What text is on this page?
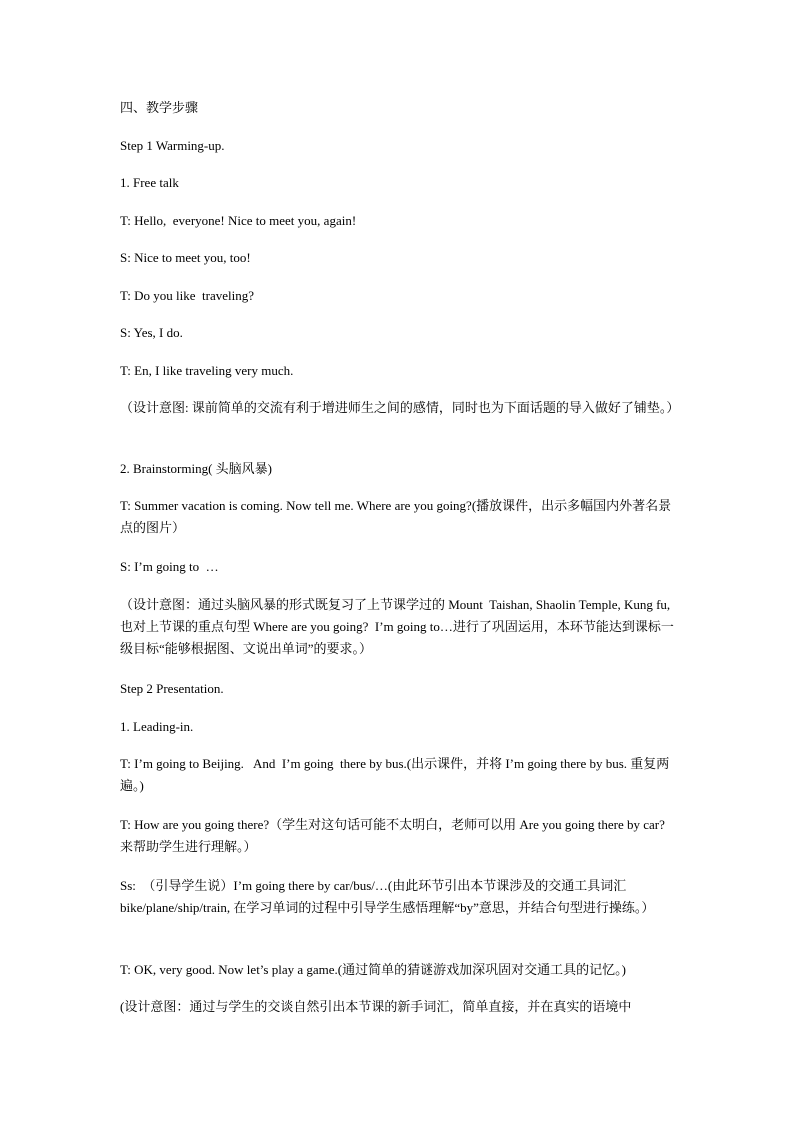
四、教学步骤

Step 1 Warming-up.

1. Free talk

T: Hello,  everyone! Nice to meet you, again!

S: Nice to meet you, too!

T: Do you like  traveling?

S: Yes, I do.

T: En, I like traveling very much.

（设计意图: 课前简单的交流有利于增进师生之间的感情，同时也为下面话题的导入做好了铺垫。）

2. Brainstorming( 头脑风暴)

T: Summer vacation is coming. Now tell me. Where are you going?(播放课件，出示多幅国内外著名景点的图片）

S: I’m going to  …

（设计意图：通过头脑风暴的形式既复习了上节课学过的 Mount  Taishan, Shaolin Temple, Kung fu, 也对上节课的重点句型 Where are you going?  I’m going to…进行了巩固运用，本环节能达到课标一级目标“能够根据图、文说出单词”的要求。）

Step 2 Presentation.

1. Leading-in.

T: I’m going to Beijing.   And  I’m going  there by bus.(出示课件，并将 I’m going there by bus. 重复两遍。)

T: How are you going there?（学生对这句话可能不太明白，老师可以用 Are you going there by car?来帮助学生进行理解。）

Ss:  （引导学生说）I’m going there by car/bus/…(由此环节引出本节课涉及的交通工具词汇 bike/plane/ship/train, 在学习单词的过程中引导学生感悟理解“by”意思，并结合句型进行操练。）

T: OK, very good. Now let’s play a game.(通过简单的猜谜游戏加深巩固对交通工具的记忆。)

(设计意图：通过与学生的交谈自然引出本节课的新手词汇，简单直接，并在真实的语境中
